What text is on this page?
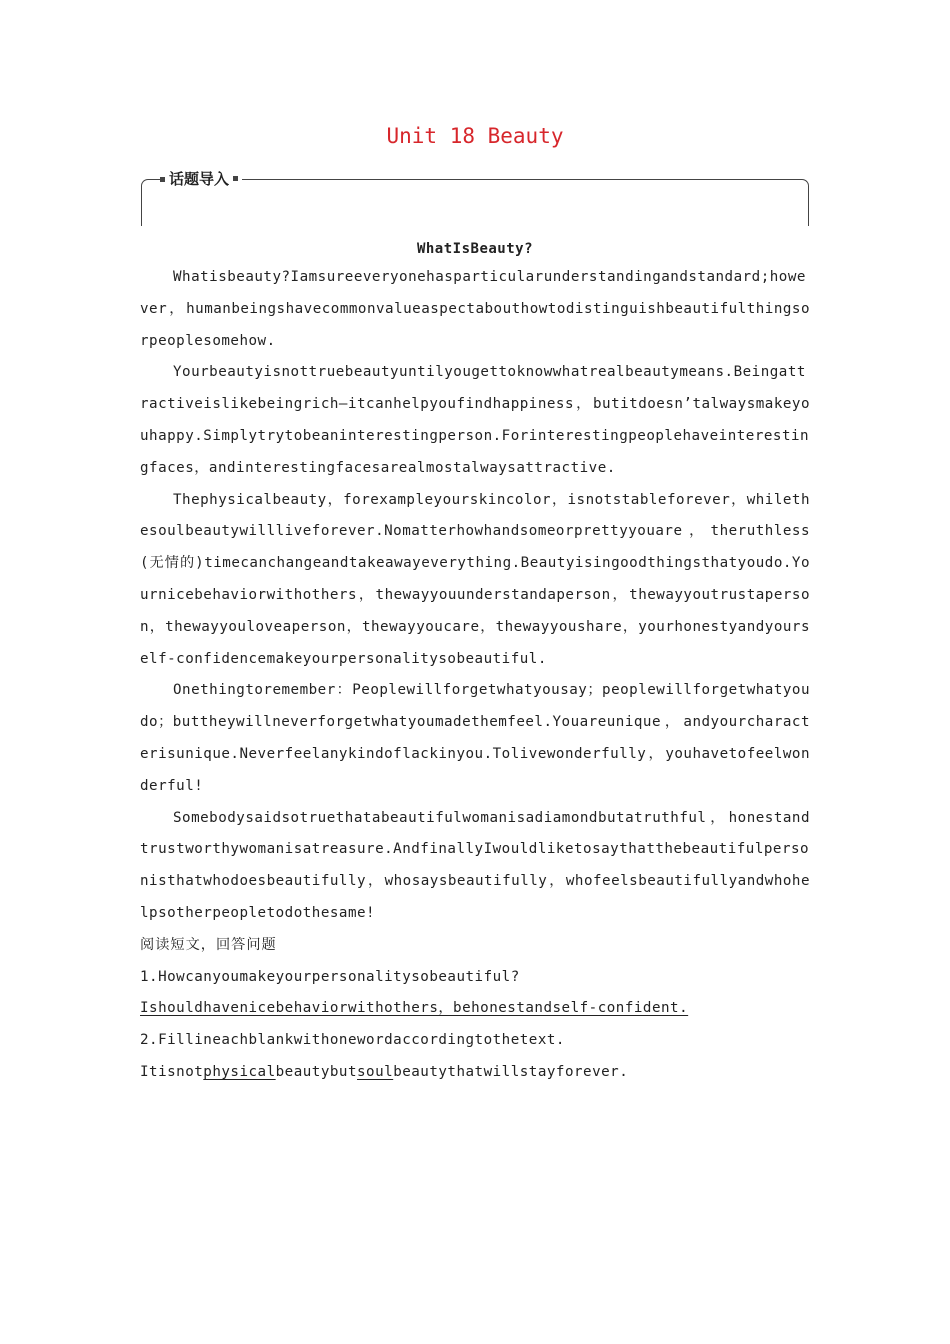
Unit 18 Beauty
话题导入
WhatIsBeauty?

Whatisbeauty?Iamsureeveryonehasparticularunderstandingandstandard;however，humanbeingshavecommonvalueaspectabouthowtodistinguishbeautifulthingsorpeoplesomehow.

Yourbeautyisnottruebeautyuntilyougettoknowwhatrealbeautymeans.Beingattractiveislikebeingrich—itcanhelpyoufindhappiness，butitdoesn’talwaysmakeyouhappy.Simplytrytobeaninterestingperson.Forinterestingpeoplehaveinterestingfaces，andinterestingfacesarealmostalwaysattractive.

Thephysicalbeauty，forexampleyourskincolor，isnotstableforever，whilethesoulbeautywillliveforever.Nomatterhowhandsomeorprettyyouare，theruthless(无情的)timecanchangeandtakeawayeverything.Beautyisingoodthingsthatyoudo.Yournicebehaviorwithothers，thewayyouunderstandaperson，thewayyoutrustaperson，thewayyouloveaperson，thewayyoucare，thewayyoushare，yourhonestyandyourself-confidencemakeyourpersonalitysobeautiful.

Onethingtoremember：Peoplewillforgetwhatyousay；peoplewillforgetwhatyoudo；buttheywillneverforgetwhatyoumadethemfeel.Youareunique，andyourcharacterisunique.Neverfeelanykindoflackinyou.Tolivewonderfully，youhavetofeelwonderful!

Somebodysaidsotruethatabeautifulwomanisadiamondbutatruthful，honestandtrustworthywomanisatreasure.AndfinallyIwouldliketosaythatthebeautifulpersonisthatwhodoesbeautifully，whosaysbeautifully，whofeelsbeautifullyandwhohelpsotherpeopletodothesame!

阅读短文，回答问题

1.Howcanyoumakeyourpersonalitysobeautiful?

Ishouldhavenicebehaviorwithothers，behonestandself-confident.

2.Fillineachblankwithonewordaccordingtothetext.

Itisnotphysicalbeautybutsoulbeautythatwillstayforever.
